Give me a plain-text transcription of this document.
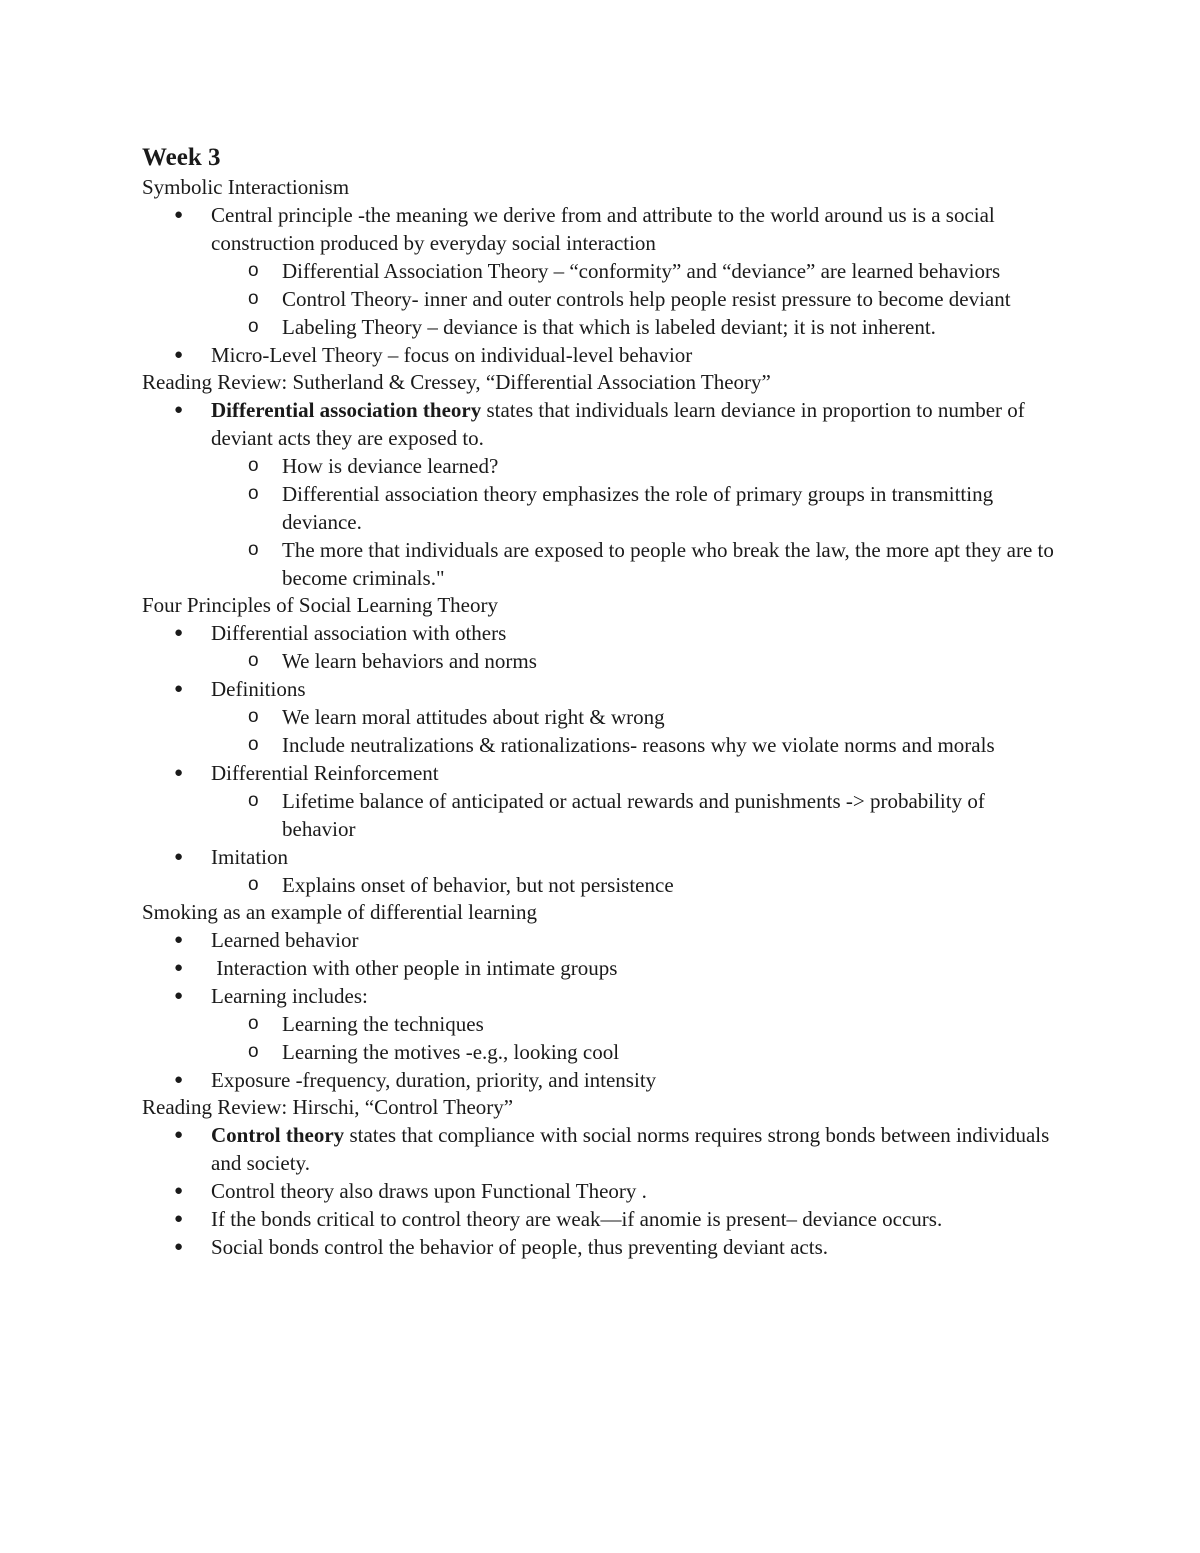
Week 3

Symbolic Interactionism

● Central principle -the meaning we derive from and attribute to the world around us is a social construction produced by everyday social interaction
o Differential Association Theory – “conformity” and “deviance” are learned behaviors
o Control Theory- inner and outer controls help people resist pressure to become deviant
o Labeling Theory – deviance is that which is labeled deviant; it is not inherent.
● Micro-Level Theory – focus on individual-level behavior

Reading Review: Sutherland & Cressey, “Differential Association Theory”

● Differential association theory states that individuals learn deviance in proportion to number of deviant acts they are exposed to.
o How is deviance learned?
o Differential association theory emphasizes the role of primary groups in transmitting deviance.
o The more that individuals are exposed to people who break the law, the more apt they are to become criminals."

Four Principles of Social Learning Theory

● Differential association with others
o We learn behaviors and norms
● Definitions
o We learn moral attitudes about right & wrong
o Include neutralizations & rationalizations- reasons why we violate norms and morals
● Differential Reinforcement
o Lifetime balance of anticipated or actual rewards and punishments -> probability of behavior
● Imitation
o Explains onset of behavior, but not persistence

Smoking as an example of differential learning

● Learned behavior
● Interaction with other people in intimate groups
● Learning includes:
o Learning the techniques
o Learning the motives -e.g., looking cool
● Exposure -frequency, duration, priority, and intensity

Reading Review: Hirschi, “Control Theory”

● Control theory states that compliance with social norms requires strong bonds between individuals and society.
● Control theory also draws upon Functional Theory .
● If the bonds critical to control theory are weak—if anomie is present– deviance occurs.
● Social bonds control the behavior of people, thus preventing deviant acts.
